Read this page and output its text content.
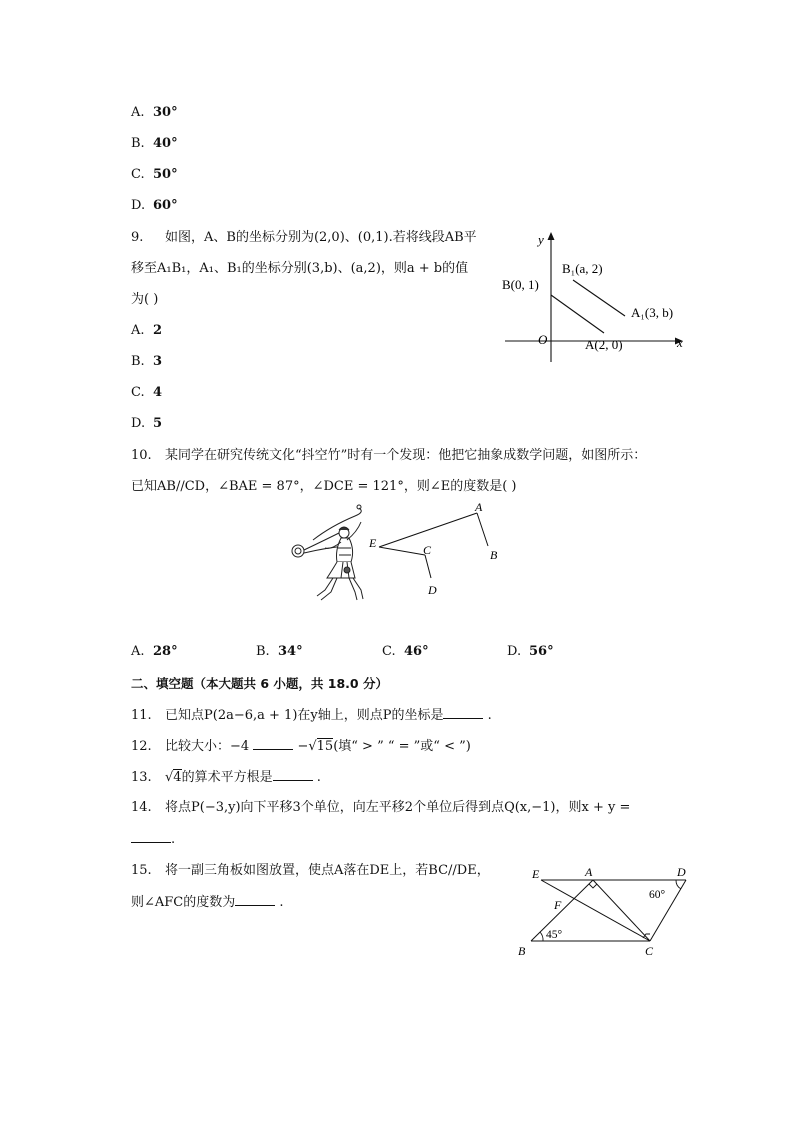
A. 30°
B. 40°
C. 50°
D. 60°
9. 如图，A、B的坐标分别为(2,0)、(0,1).若将线段AB平
移至A₁B₁，A₁、B₁的坐标分别(3,b)、(a,2)，则a + b的值
为( )
A. 2
B. 3
C. 4
D. 5
y
x
O
B(0, 1)
A(2, 0)
B₁(a, 2)
A₁(3, b)
10. 某同学在研究传统文化“抖空竹”时有一个发现：他把它抽象成数学问题，如图所示：
已知AB//CD，∠BAE = 87°，∠DCE = 121°，则∠E的度数是( )
A
B
C
D
E
A. 28°	B. 34°	C. 46°	D. 56°
二、填空题（本大题共 6 小题，共 18.0 分）
11. 已知点P(2a−6,a + 1)在y轴上，则点P的坐标是	.
12. 比较大小：−4	−√15(填“ > ” “ = ”或“ < ”)
13. √4的算术平方根是	.
14. 将点P(−3,y)向下平移3个单位，向左平移2个单位后得到点Q(x,−1)，则x + y =
.
15. 将一副三角板如图放置，使点A落在DE上，若BC//DE，
则∠AFC的度数为	.
E	A	D
F
B	C
60°
45°
